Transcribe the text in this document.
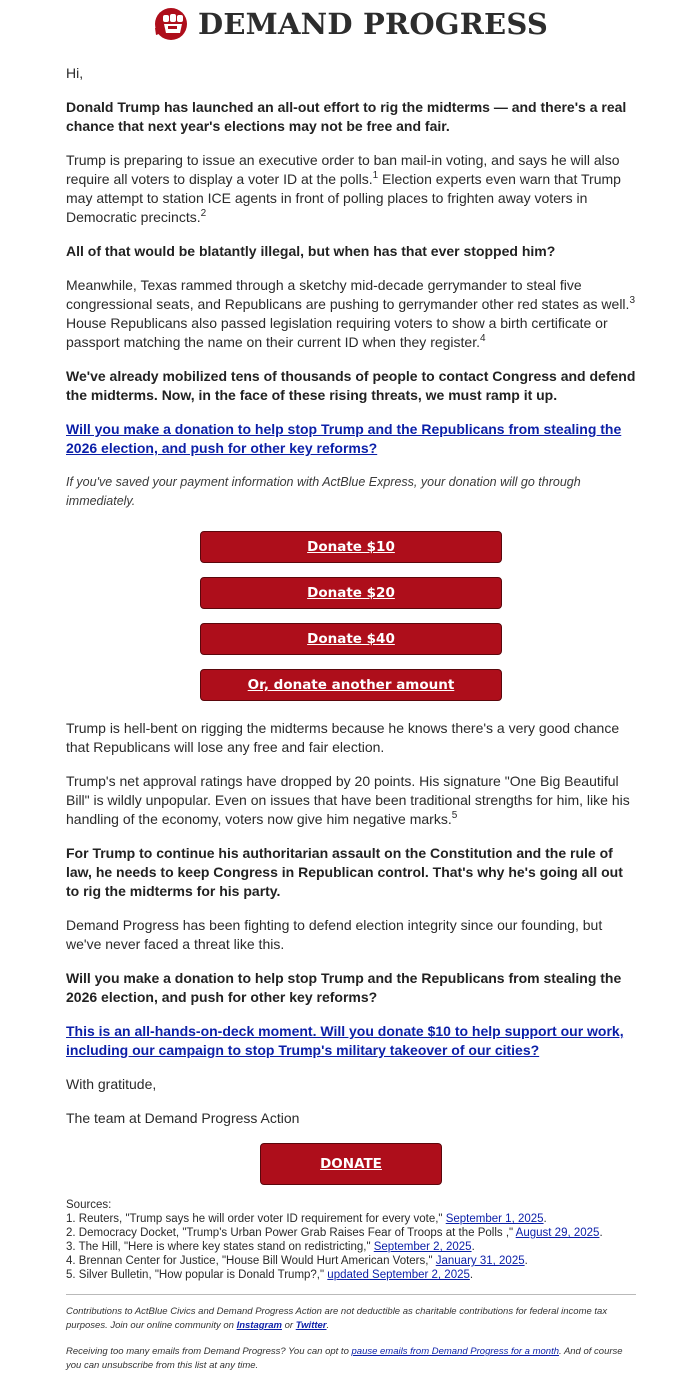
DEMAND PROGRESS

Hi,

Donald Trump has launched an all-out effort to rig the midterms — and there's a real chance that next year's elections may not be free and fair.

Trump is preparing to issue an executive order to ban mail-in voting, and says he will also require all voters to display a voter ID at the polls.$^1$ Election experts even warn that Trump may attempt to station ICE agents in front of polling places to frighten away voters in Democratic precincts.$^2$

All of that would be blatantly illegal, but when has that ever stopped him?

Meanwhile, Texas rammed through a sketchy mid-decade gerrymander to steal five congressional seats, and Republicans are pushing to gerrymander other red states as well.$^3$ House Republicans also passed legislation requiring voters to show a birth certificate or passport matching the name on their current ID when they register.$^4$

We've already mobilized tens of thousands of people to contact Congress and defend the midterms. Now, in the face of these rising threats, we must ramp it up.

Will you make a donation to help stop Trump and the Republicans from stealing the 2026 election, and push for other key reforms?

If you've saved your payment information with ActBlue Express, your donation will go through immediately.

Donate $10
Donate $20
Donate $40
Or, donate another amount

Trump is hell-bent on rigging the midterms because he knows there's a very good chance that Republicans will lose any free and fair election.

Trump's net approval ratings have dropped by 20 points. His signature "One Big Beautiful Bill" is wildly unpopular. Even on issues that have been traditional strengths for him, like his handling of the economy, voters now give him negative marks.$^5$

For Trump to continue his authoritarian assault on the Constitution and the rule of law, he needs to keep Congress in Republican control. That's why he's going all out to rig the midterms for his party.

Demand Progress has been fighting to defend election integrity since our founding, but we've never faced a threat like this.

Will you make a donation to help stop Trump and the Republicans from stealing the 2026 election, and push for other key reforms?

This is an all-hands-on-deck moment. Will you donate $10 to help support our work, including our campaign to stop Trump's military takeover of our cities?

With gratitude,

The team at Demand Progress Action

DONATE
Sources:
1. Reuters, "Trump says he will order voter ID requirement for every vote," September 1, 2025.
2. Democracy Docket, "Trump's Urban Power Grab Raises Fear of Troops at the Polls ," August 29, 2025.
3. The Hill, "Here is where key states stand on redistricting," September 2, 2025.
4. Brennan Center for Justice, "House Bill Would Hurt American Voters," January 31, 2025.
5. Silver Bulletin, "How popular is Donald Trump?," updated September 2, 2025.

Contributions to ActBlue Civics and Demand Progress Action are not deductible as charitable contributions for federal income tax purposes. Join our online community on Instagram or Twitter.

Receiving too many emails from Demand Progress? You can opt to pause emails from Demand Progress for a month. And of course you can unsubscribe from this list at any time.
